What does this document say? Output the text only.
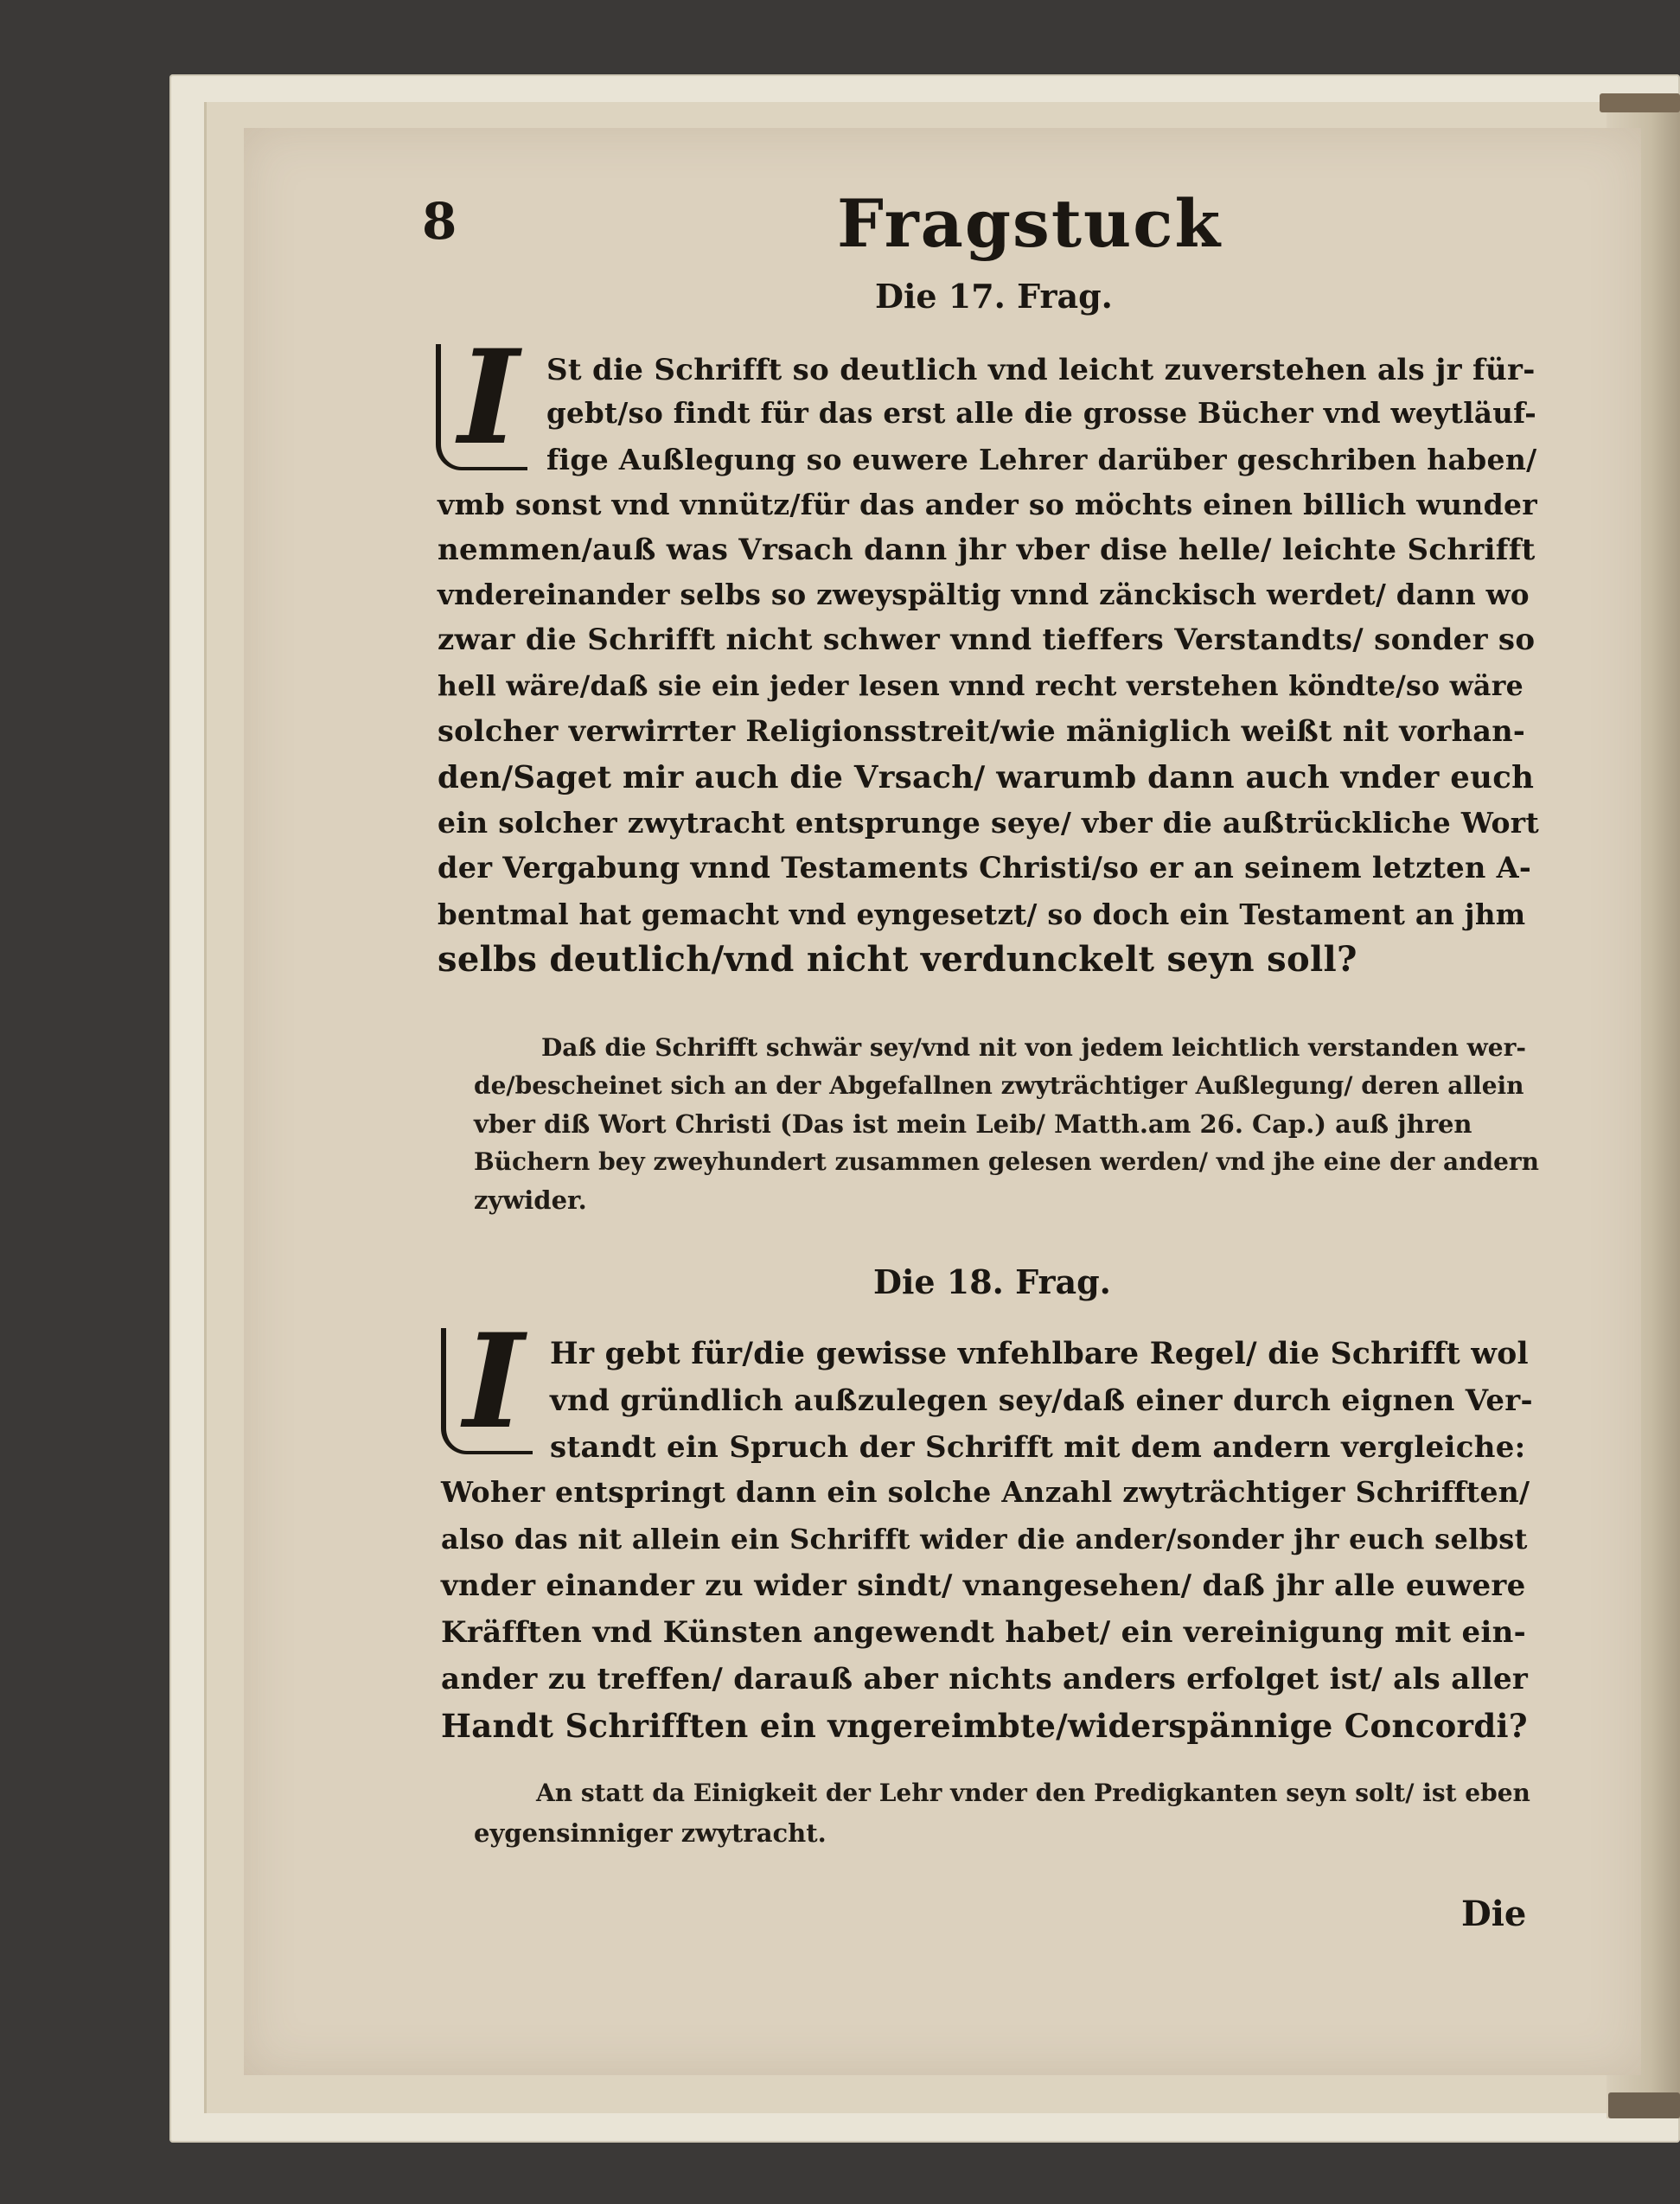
8	Fragstuck
Die 17. Frag.
I St die Schrifft so deutlich vnd leicht zuverstehen als jr für-
gebt/so findt für das erst alle die grosse Bücher vnd weytläuf-
fige Außlegung so euwere Lehrer darüber geschriben haben/
vmb sonst vnd vnnütz/für das ander so möchts einen billich wunder
nemmen/auß was Vrsach dann jhr vber dise helle/ leichte Schrifft
vndereinander selbs so zweyspältig vnnd zänckisch werdet/ dann wo
zwar die Schrifft nicht schwer vnnd tieffers Verstandts/ sonder so
hell wäre/daß sie ein jeder lesen vnnd recht verstehen köndte/so wäre
solcher verwirrter Religionsstreit/wie mäniglich weißt nit vorhan-
den/Saget mir auch die Vrsach/ warumb dann auch vnder euch
ein solcher zwytracht entsprunge seye/ vber die außtrückliche Wort
der Vergabung vnnd Testaments Christi/so er an seinem letzten A-
bentmal hat gemacht vnd eyngesetzt/ so doch ein Testament an jhm
selbs deutlich/vnd nicht verdunckelt seyn soll?
Daß die Schrifft schwär sey/vnd nit von jedem leichtlich verstanden wer-
de/bescheinet sich an der Abgefallnen zwyträchtiger Außlegung/ deren allein
vber diß Wort Christi (Das ist mein Leib/ Matth.am 26. Cap.) auß jhren
Büchern bey zweyhundert zusammen gelesen werden/ vnd jhe eine der andern
zywider.
Die 18. Frag.
I Hr gebt für/die gewisse vnfehlbare Regel/ die Schrifft wol
vnd gründlich außzulegen sey/daß einer durch eignen Ver-
standt ein Spruch der Schrifft mit dem andern vergleiche:
Woher entspringt dann ein solche Anzahl zwyträchtiger Schrifften/
also das nit allein ein Schrifft wider die ander/sonder jhr euch selbst
vnder einander zu wider sindt/ vnangesehen/ daß jhr alle euwere
Kräfften vnd Künsten angewendt habet/ ein vereinigung mit ein-
ander zu treffen/ darauß aber nichts anders erfolget ist/ als aller
Handt Schrifften ein vngereimbte/widerspännige Concordi?
An statt da Einigkeit der Lehr vnder den Predigkanten seyn solt/ ist eben
eygensinniger zwytracht.
Die
